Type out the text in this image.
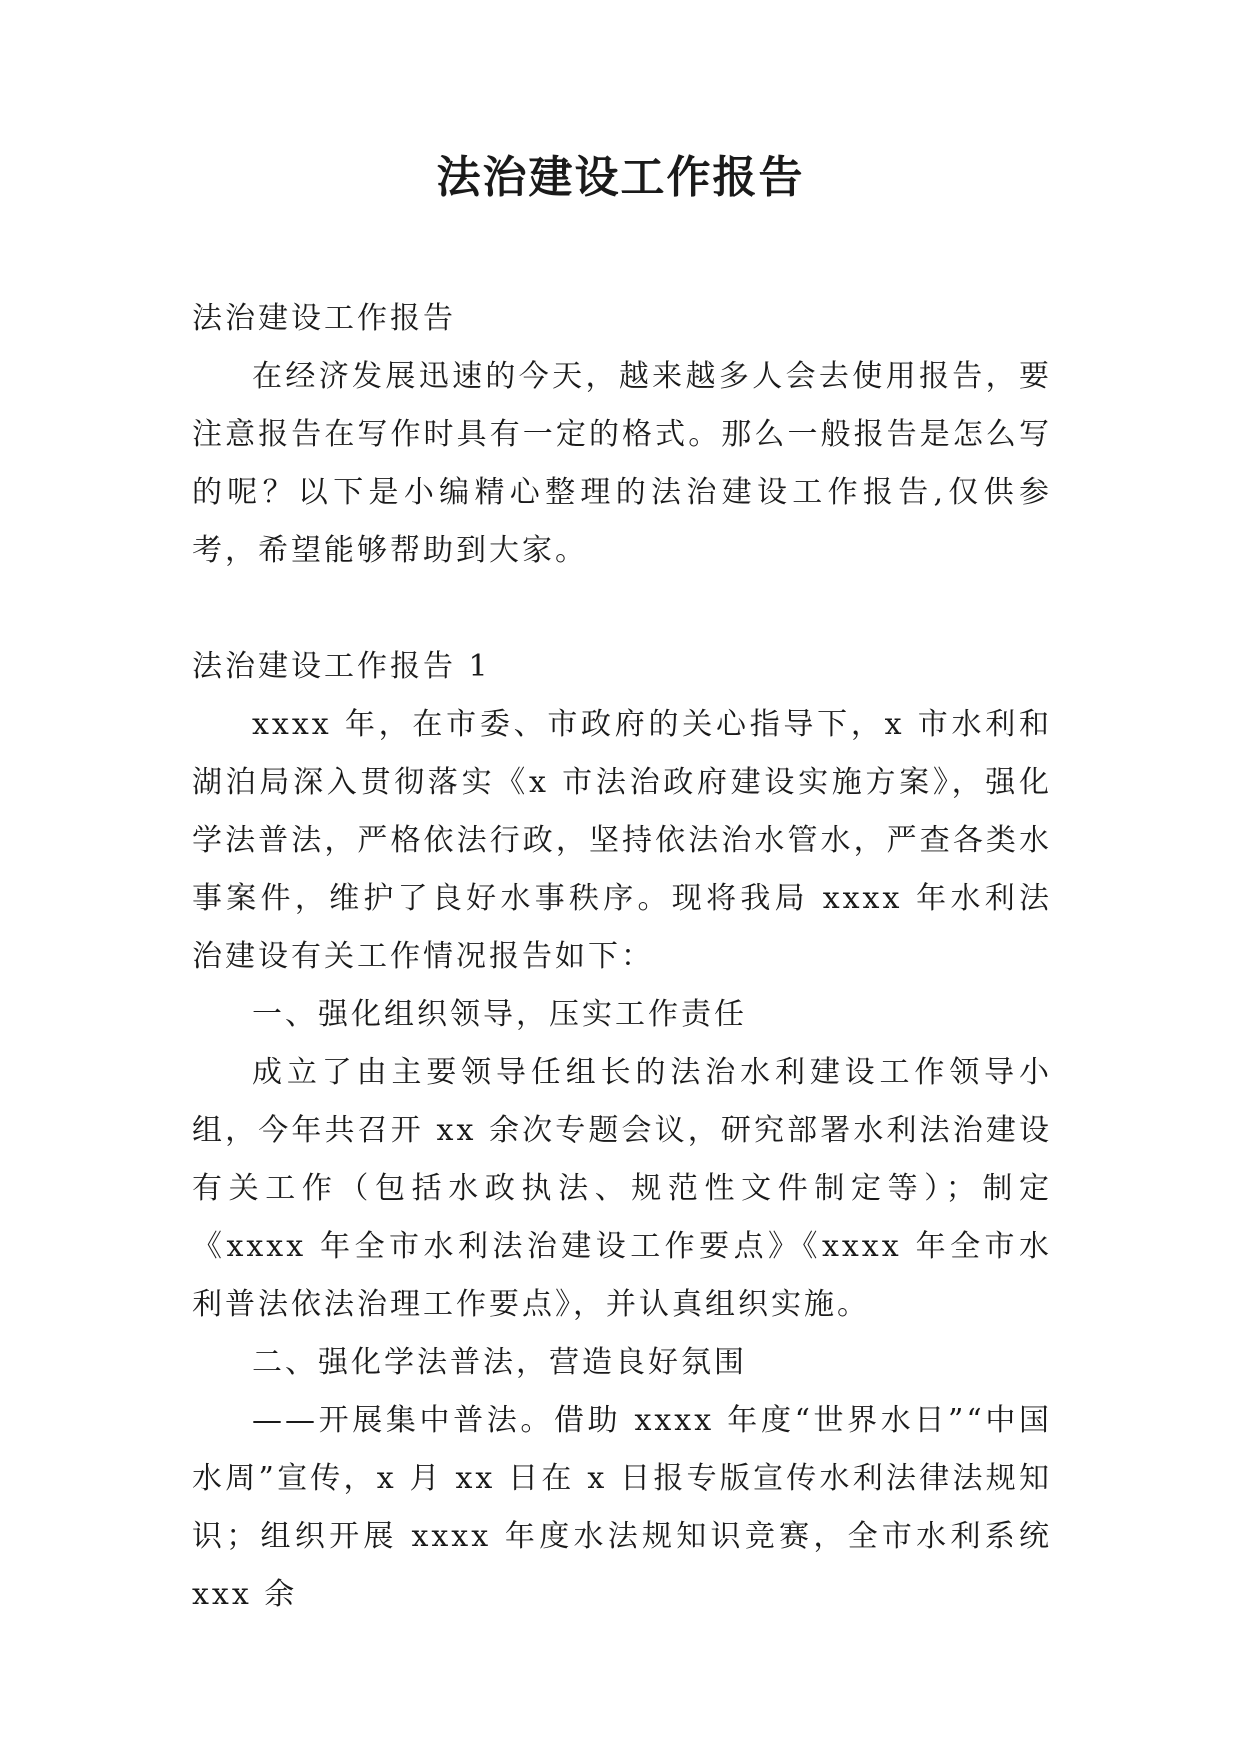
法治建设工作报告

法治建设工作报告

在经济发展迅速的今天，越来越多人会去使用报告，要注意报告在写作时具有一定的格式。那么一般报告是怎么写的呢？以下是小编精心整理的法治建设工作报告,仅供参考，希望能够帮助到大家。

法治建设工作报告 1

xxxx 年，在市委、市政府的关心指导下，x 市水利和湖泊局深入贯彻落实《x 市法治政府建设实施方案》，强化学法普法，严格依法行政，坚持依法治水管水，严查各类水事案件，维护了良好水事秩序。现将我局 xxxx 年水利法治建设有关工作情况报告如下：

一、强化组织领导，压实工作责任

成立了由主要领导任组长的法治水利建设工作领导小组，今年共召开 xx 余次专题会议，研究部署水利法治建设有关工作（包括水政执法、规范性文件制定等）；制定《xxxx 年全市水利法治建设工作要点》《xxxx 年全市水利普法依法治理工作要点》，并认真组织实施。

二、强化学法普法，营造良好氛围

——开展集中普法。借助 xxxx 年度“世界水日”“中国水周”宣传，x 月 xx 日在 x 日报专版宣传水利法律法规知识；组织开展 xxxx 年度水法规知识竞赛，全市水利系统 xxx 余
